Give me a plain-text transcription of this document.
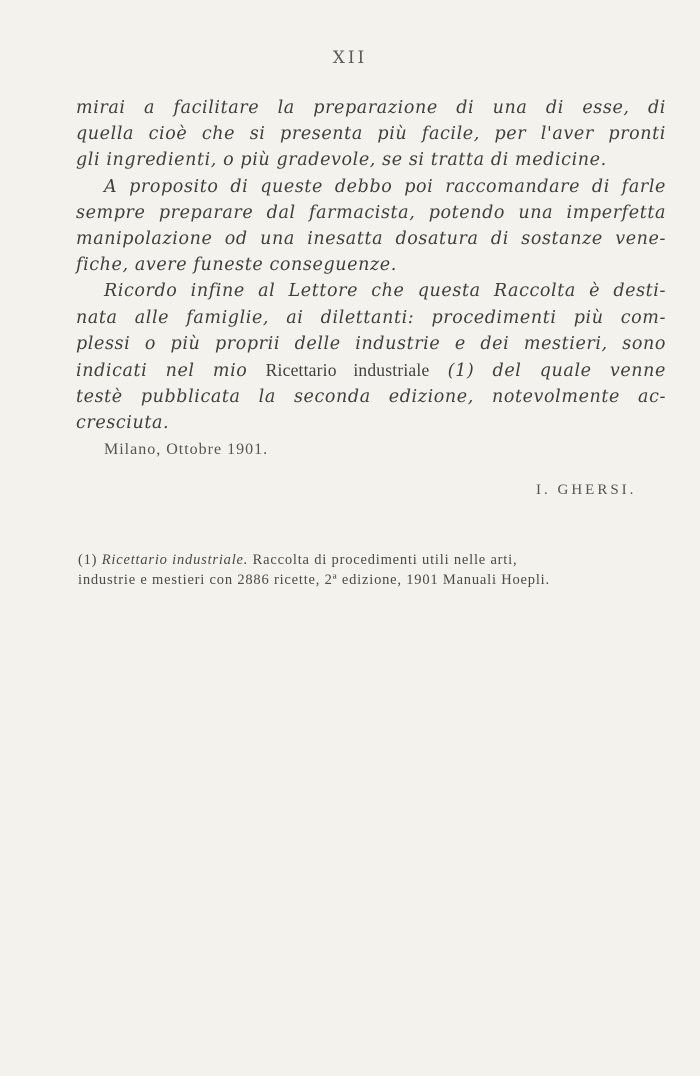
XII
mirai a facilitare la preparazione di una di esse, di
quella cioè che si presenta più facile, per l'aver pronti
gli ingredienti, o più gradevole, se si tratta di medicine.
A proposito di queste debbo poi raccomandare di farle
sempre preparare dal farmacista, potendo una imperfetta
manipolazione od una inesatta dosatura di sostanze vene-
fiche, avere funeste conseguenze.
Ricordo infine al Lettore che questa Raccolta è desti-
nata alle famiglie, ai dilettanti: procedimenti più com-
plessi o più proprii delle industrie e dei mestieri, sono
indicati nel mio Ricettario industriale (1) del quale venne
testè pubblicata la seconda edizione, notevolmente ac-
cresciuta.
Milano, Ottobre 1901.
I. GHERSI.
(1) Ricettario industriale. Raccolta di procedimenti utili nelle arti,
industrie e mestieri con 2886 ricette, 2ª edizione, 1901 Manuali Hoepli.
